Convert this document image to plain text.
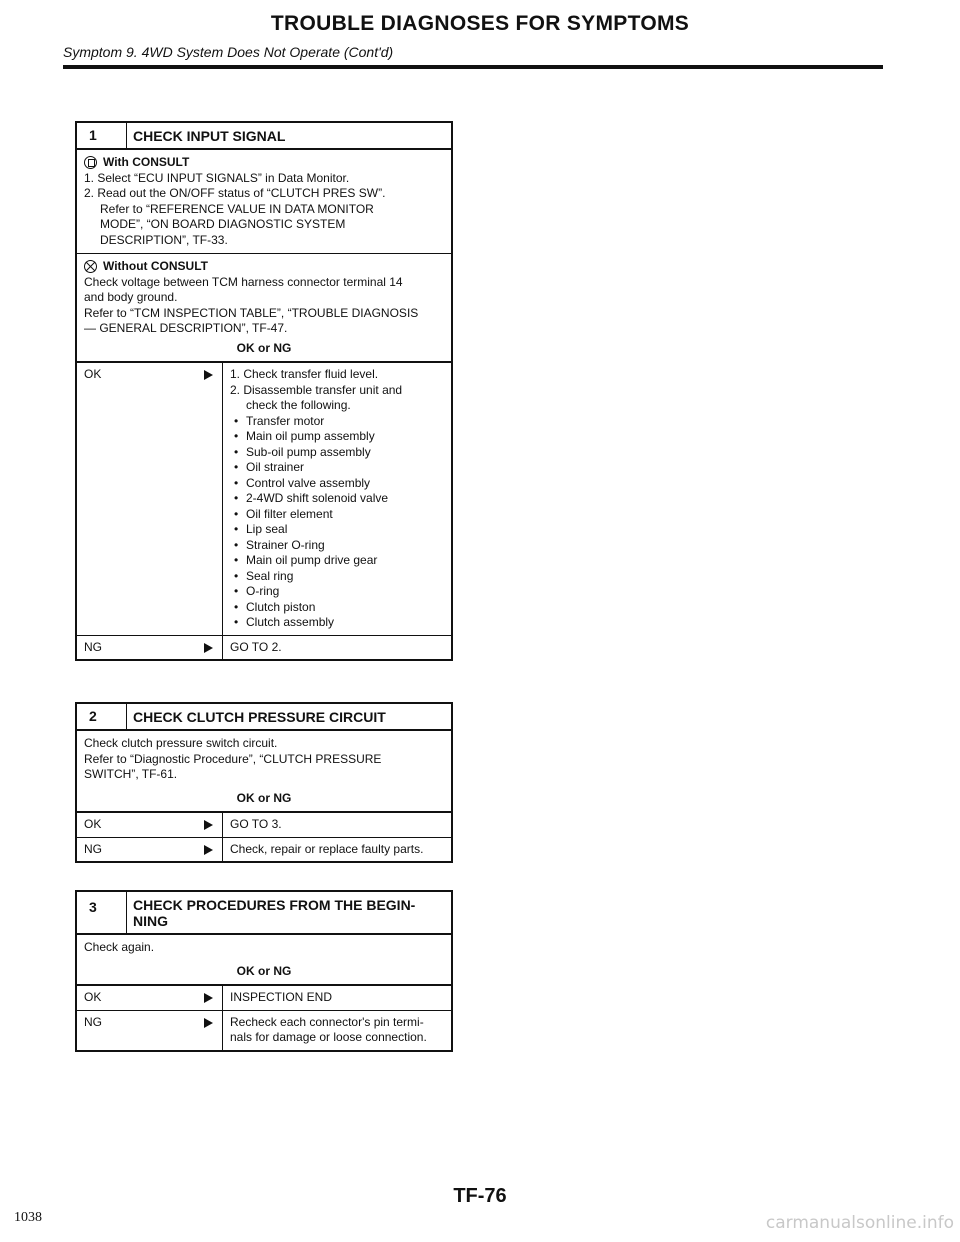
TROUBLE DIAGNOSES FOR SYMPTOMS
Symptom 9. 4WD System Does Not Operate (Cont'd)
1	CHECK INPUT SIGNAL
With CONSULT

1. Select “ECU INPUT SIGNALS” in Data Monitor.

2. Read out the ON/OFF status of “CLUTCH PRES SW”.

Refer to “REFERENCE VALUE IN DATA MONITOR

MODE”, “ON BOARD DIAGNOSTIC SYSTEM

DESCRIPTION”, TF-33.

Without CONSULT

Check voltage between TCM harness connector terminal 14

and body ground.

Refer to “TCM INSPECTION TABLE”, “TROUBLE DIAGNOSIS

— GENERAL DESCRIPTION”, TF-47.

OK or NG
OK	1. Check transfer fluid level.

2. Disassemble transfer unit and

check the following.

• Transfer motor

• Main oil pump assembly

• Sub-oil pump assembly

• Oil strainer

• Control valve assembly

• 2-4WD shift solenoid valve

• Oil filter element

• Lip seal

• Strainer O-ring

• Main oil pump drive gear

• Seal ring

• O-ring

• Clutch piston

• Clutch assembly

NG	GO TO 2.
2	CHECK CLUTCH PRESSURE CIRCUIT

Check clutch pressure switch circuit.

Refer to “Diagnostic Procedure”, “CLUTCH PRESSURE

SWITCH”, TF-61.

OK or NG
OK	GO TO 3.
NG	Check, repair or replace faulty parts.
3	CHECK PROCEDURES FROM THE BEGIN-
NING

Check again.

OK or NG
OK	INSPECTION END
NG	Recheck each connector's pin termi-

nals for damage or loose connection.

TF-76
1038	carmanualsonline.info
